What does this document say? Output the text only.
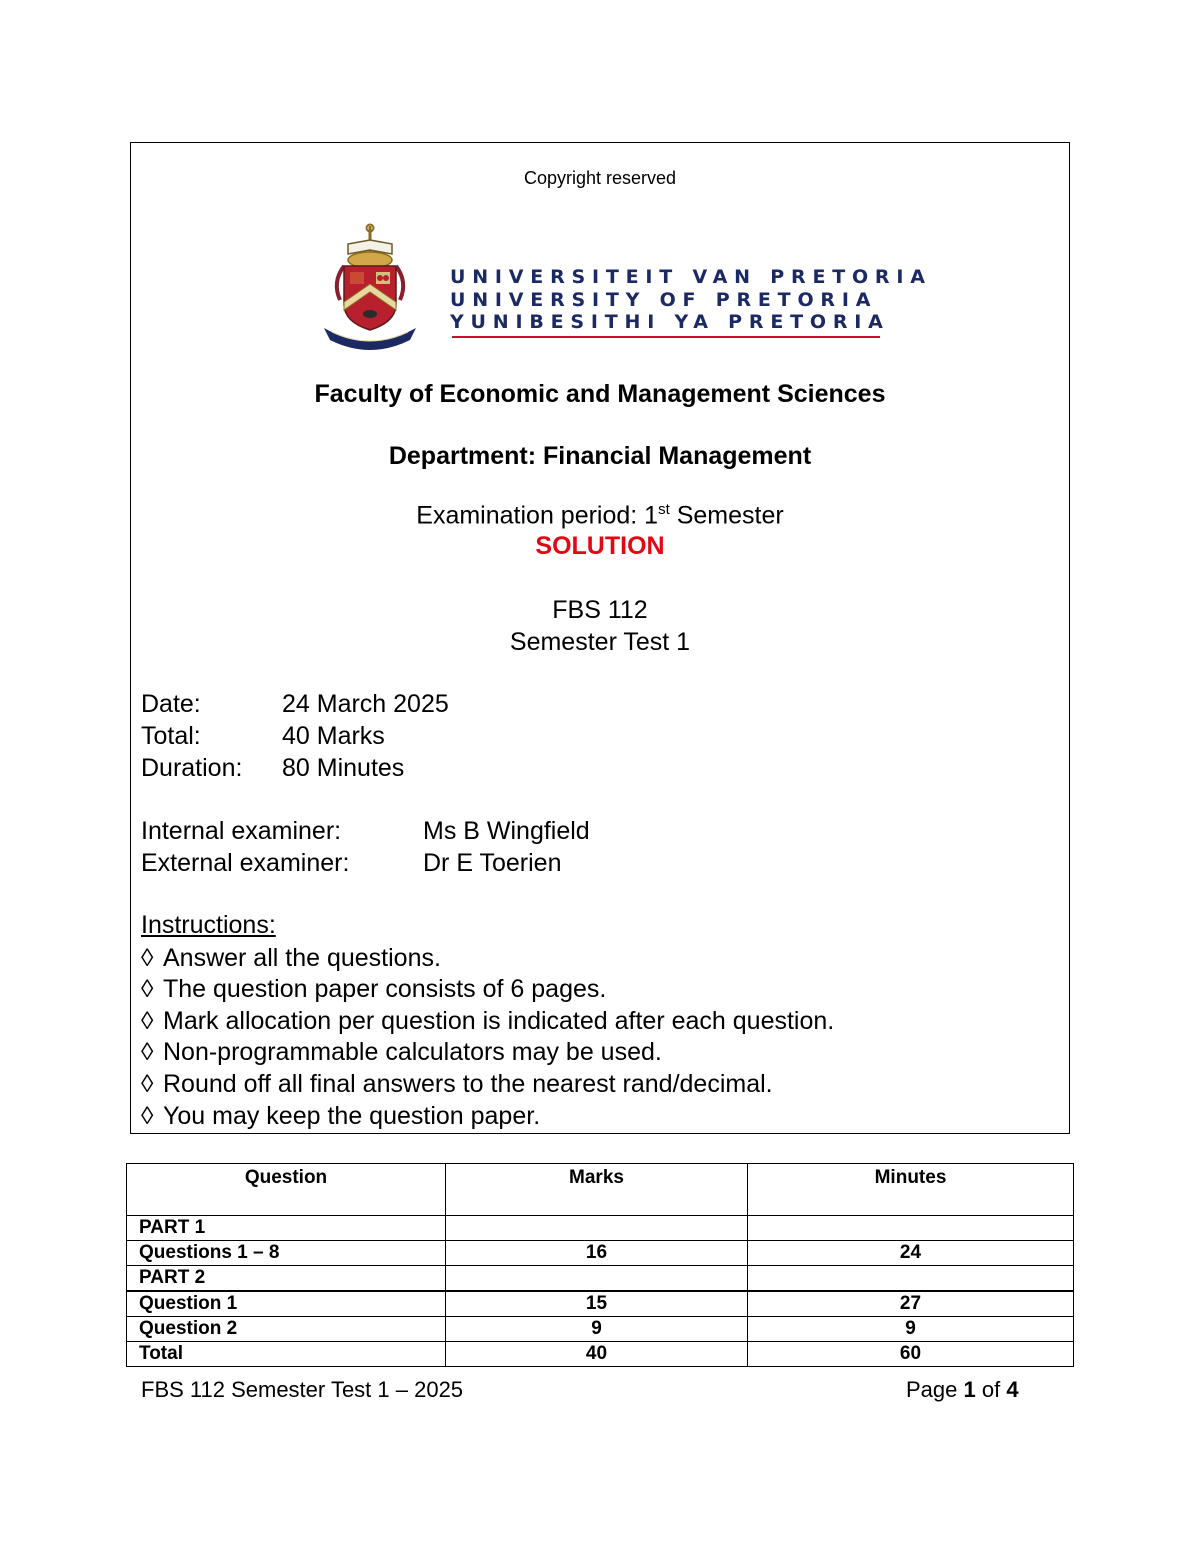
Copyright reserved
UNIVERSITEIT VAN PRETORIA
UNIVERSITY OF PRETORIA
YUNIBESITHI YA PRETORIA
Faculty of Economic and Management Sciences
Department: Financial Management
Examination period: 1st Semester
SOLUTION
FBS 112
Semester Test 1
Date:	24 March 2025
Total:	40 Marks
Duration: 80 Minutes
Internal examiner:	Ms B Wingfield
External examiner:	Dr E Toerien
Instructions:
◊ Answer all the questions.
◊ The question paper consists of 6 pages.
◊ Mark allocation per question is indicated after each question.
◊ Non-programmable calculators may be used.
◊ Round off all final answers to the nearest rand/decimal.
◊ You may keep the question paper.
Question	Marks	Minutes
PART 1		
Questions 1 – 8	16	24
PART 2		
Question 1	15	27
Question 2	9	9
Total	40	60
FBS 112 Semester Test 1 – 2025	Page 1 of 4
